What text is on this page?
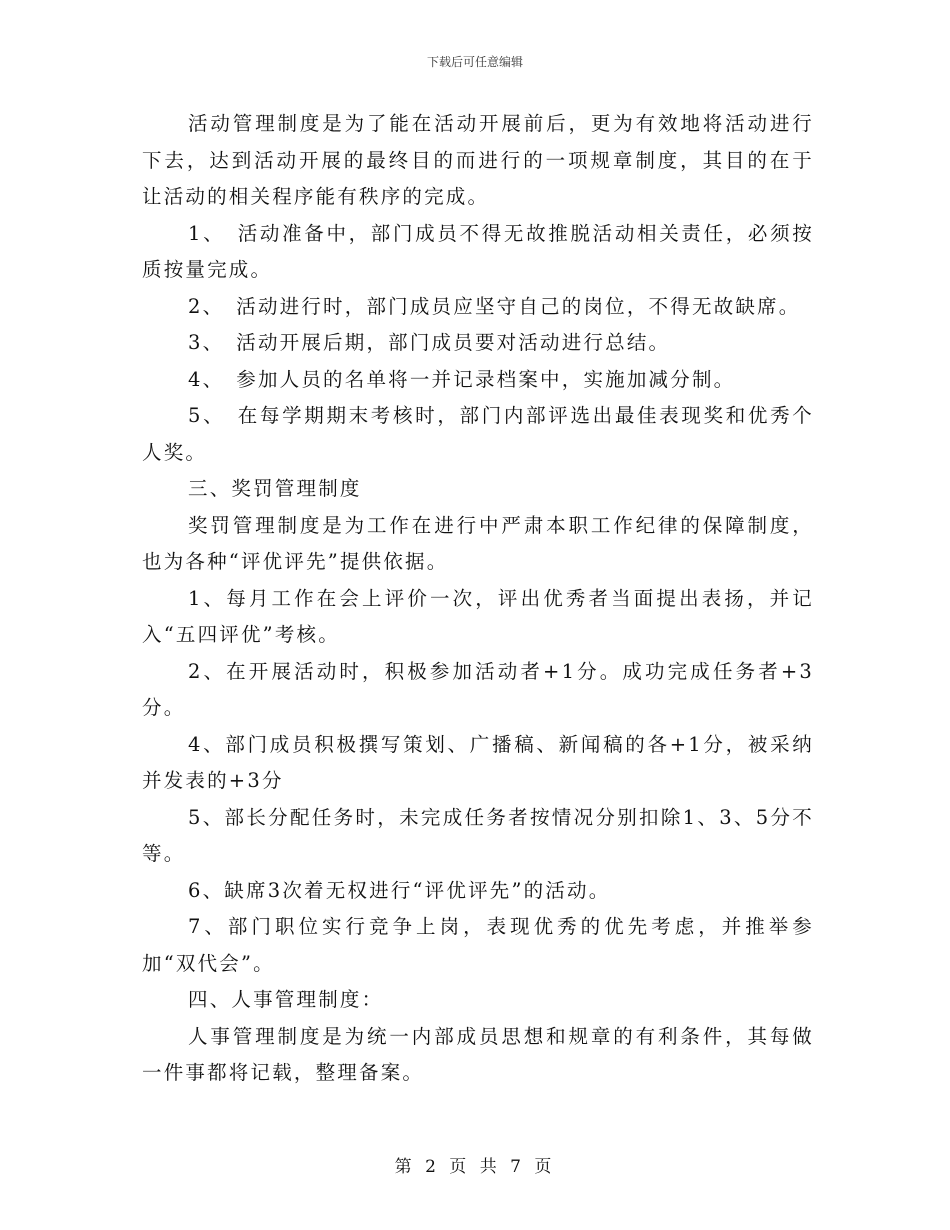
下载后可任意编辑

活动管理制度是为了能在活动开展前后，更为有效地将活动进行下去，达到活动开展的最终目的而进行的一项规章制度，其目的在于让活动的相关程序能有秩序的完成。

1、　活动准备中，部门成员不得无故推脱活动相关责任，必须按质按量完成。

2、　活动进行时，部门成员应坚守自己的岗位，不得无故缺席。

3、　活动开展后期，部门成员要对活动进行总结。

4、　参加人员的名单将一并记录档案中，实施加减分制。

5、　在每学期期末考核时，部门内部评选出最佳表现奖和优秀个人奖。

三、奖罚管理制度

奖罚管理制度是为工作在进行中严肃本职工作纪律的保障制度，也为各种“评优评先”提供依据。

1、每月工作在会上评价一次，评出优秀者当面提出表扬，并记入“五四评优”考核。

2、在开展活动时，积极参加活动者+1分。成功完成任务者+3分。

4、部门成员积极撰写策划、广播稿、新闻稿的各+1分，被采纳并发表的+3分

5、部长分配任务时，未完成任务者按情况分别扣除1、3、5分不等。

6、缺席3次着无权进行“评优评先”的活动。

7、部门职位实行竞争上岗，表现优秀的优先考虑，并推举参加“双代会”。

四、人事管理制度：

人事管理制度是为统一内部成员思想和规章的有利条件，其每做一件事都将记载，整理备案。

第 2 页 共 7 页
